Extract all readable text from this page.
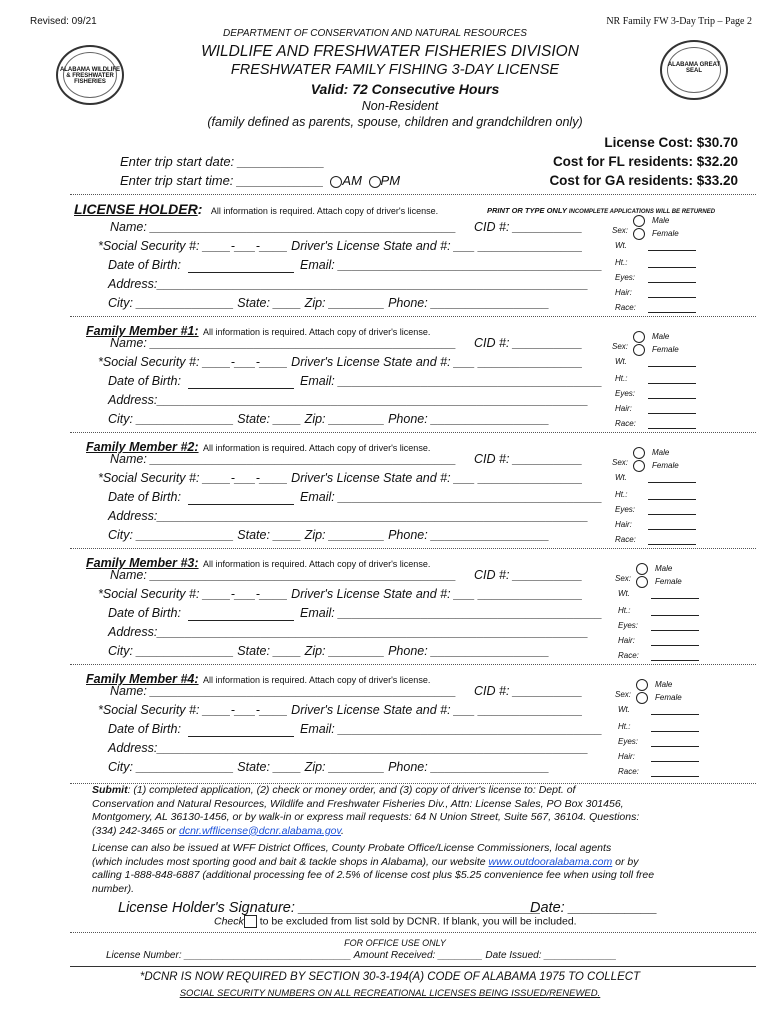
Revised: 09/21	NR Family FW 3-Day Trip – Page 2
ALABAMA WILDLIFE & FRESHWATER FISHERIES
ALABAMA GREAT SEAL
DEPARTMENT OF CONSERVATION AND NATURAL RESOURCES
WILDLIFE AND FRESHWATER FISHERIES DIVISION
FRESHWATER FAMILY FISHING 3-DAY LICENSE
Valid: 72 Consecutive Hours
Non-Resident
(family defined as parents, spouse, children and grandchildren only)
License Cost: $30.70
Cost for FL residents: $32.20
Cost for GA residents: $33.20
Enter trip start date: ____________
Enter trip start time: ____________ AM PM
LICENSE HOLDER: All information is required. Attach copy of driver's license.	PRINT OR TYPE ONLY INCOMPLETE APPLICATIONS WILL BE RETURNED
Name: ____________________________________________ CID #: __________
*Social Security #: ____-___-____ Driver's License State and #: ___ _______________
Date of Birth:	Email: ______________________________________
Address:______________________________________________________________
City: ______________ State: ____ Zip: ________ Phone: _________________
Sex:
Wt.
Ht.:
Eyes:
Hair:
Race:
Male
Female
Family Member #1: All information is required. Attach copy of driver's license.
Name: ____________________________________________ CID #: __________
*Social Security #: ____-___-____ Driver's License State and #: ___ _______________
Date of Birth:	Email: ______________________________________
Address:______________________________________________________________
City: ______________ State: ____ Zip: ________ Phone: _________________
Sex:
Wt.
Ht.:
Eyes:
Hair:
Race:
Male
Female
Family Member #2: All information is required. Attach copy of driver's license.
Name: ____________________________________________ CID #: __________
*Social Security #: ____-___-____ Driver's License State and #: ___ _______________
Date of Birth:	Email: ______________________________________
Address:______________________________________________________________
City: ______________ State: ____ Zip: ________ Phone: _________________
Sex:
Wt.
Ht.:
Eyes:
Hair:
Race:
Male
Female
Family Member #3: All information is required. Attach copy of driver's license.
Name: ____________________________________________ CID #: __________
*Social Security #: ____-___-____ Driver's License State and #: ___ _______________
Date of Birth:	Email: ______________________________________
Address:______________________________________________________________
City: ______________ State: ____ Zip: ________ Phone: _________________
Sex:
Wt.
Ht.:
Eyes:
Hair:
Race:
Male
Female
Family Member #4: All information is required. Attach copy of driver's license.
Name: ____________________________________________ CID #: __________
*Social Security #: ____-___-____ Driver's License State and #: ___ _______________
Date of Birth:	Email: ______________________________________
Address:______________________________________________________________
City: ______________ State: ____ Zip: ________ Phone: _________________
Sex:
Wt.
Ht.:
Eyes:
Hair:
Race:
Male
Female
Submit: (1) completed application, (2) check or money order, and (3) copy of driver's license to: Dept. of
Conservation and Natural Resources, Wildlife and Freshwater Fisheries Div., Attn: License Sales, PO Box 301456,
Montgomery, AL 36130-1456, or by walk-in or express mail requests: 64 N Union Street, Suite 567, 36104. Questions:
(334) 242-3465 or dcnr.wfflicense@dcnr.alabama.gov.
License can also be issued at WFF District Offices, County Probate Office/License Commissioners, local agents
(which includes most sporting good and bait & tackle shops in Alabama), our website www.outdooralabama.com or by
calling 1-888-848-6887 (additional processing fee of 2.5% of license cost plus $5.25 convenience fee when using toll free
number).
License Holder's Signature: ______________________________
Date: ___________
Check to be excluded from list sold by DCNR. If blank, you will be included.
FOR OFFICE USE ONLY
License Number: ______________________________ Amount Received: ________ Date Issued: _____________
*DCNR IS NOW REQUIRED BY SECTION 30-3-194(A) CODE OF ALABAMA 1975 TO COLLECT
SOCIAL SECURITY NUMBERS ON ALL RECREATIONAL LICENSES BEING ISSUED/RENEWED.
